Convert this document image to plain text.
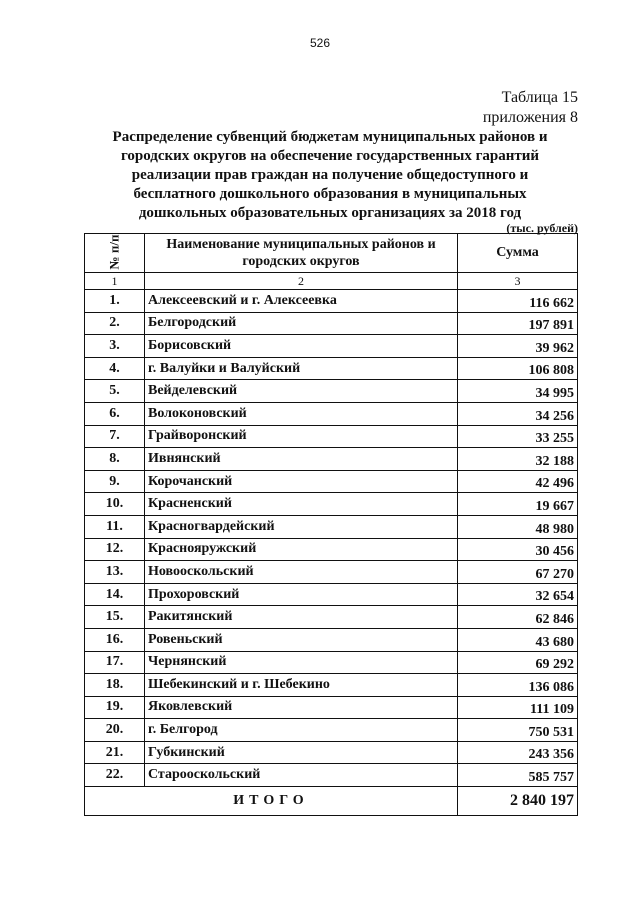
526
Таблица 15
приложения 8
Распределение субвенций бюджетам муниципальных районов и городских округов на обеспечение государственных гарантий реализации прав граждан на получение общедоступного и бесплатного дошкольного образования в муниципальных дошкольных образовательных организациях за 2018 год
(тыс. рублей)
№ п/п	Наименование муниципальных районов и городских округов	Сумма
1	2	3
1.	Алексеевский и г. Алексеевка	116 662
2.	Белгородский	197 891
3.	Борисовский	39 962
4.	г. Валуйки и Валуйский	106 808
5.	Вейделевский	34 995
6.	Волоконовский	34 256
7.	Грайворонский	33 255
8.	Ивнянский	32 188
9.	Корочанский	42 496
10.	Красненский	19 667
11.	Красногвардейский	48 980
12.	Краснояружский	30 456
13.	Новооскольский	67 270
14.	Прохоровский	32 654
15.	Ракитянский	62 846
16.	Ровеньский	43 680
17.	Чернянский	69 292
18.	Шебекинский и г. Шебекино	136 086
19.	Яковлевский	111 109
20.	г. Белгород	750 531
21.	Губкинский	243 356
22.	Старооскольский	585 757
ИТОГО		2 840 197
